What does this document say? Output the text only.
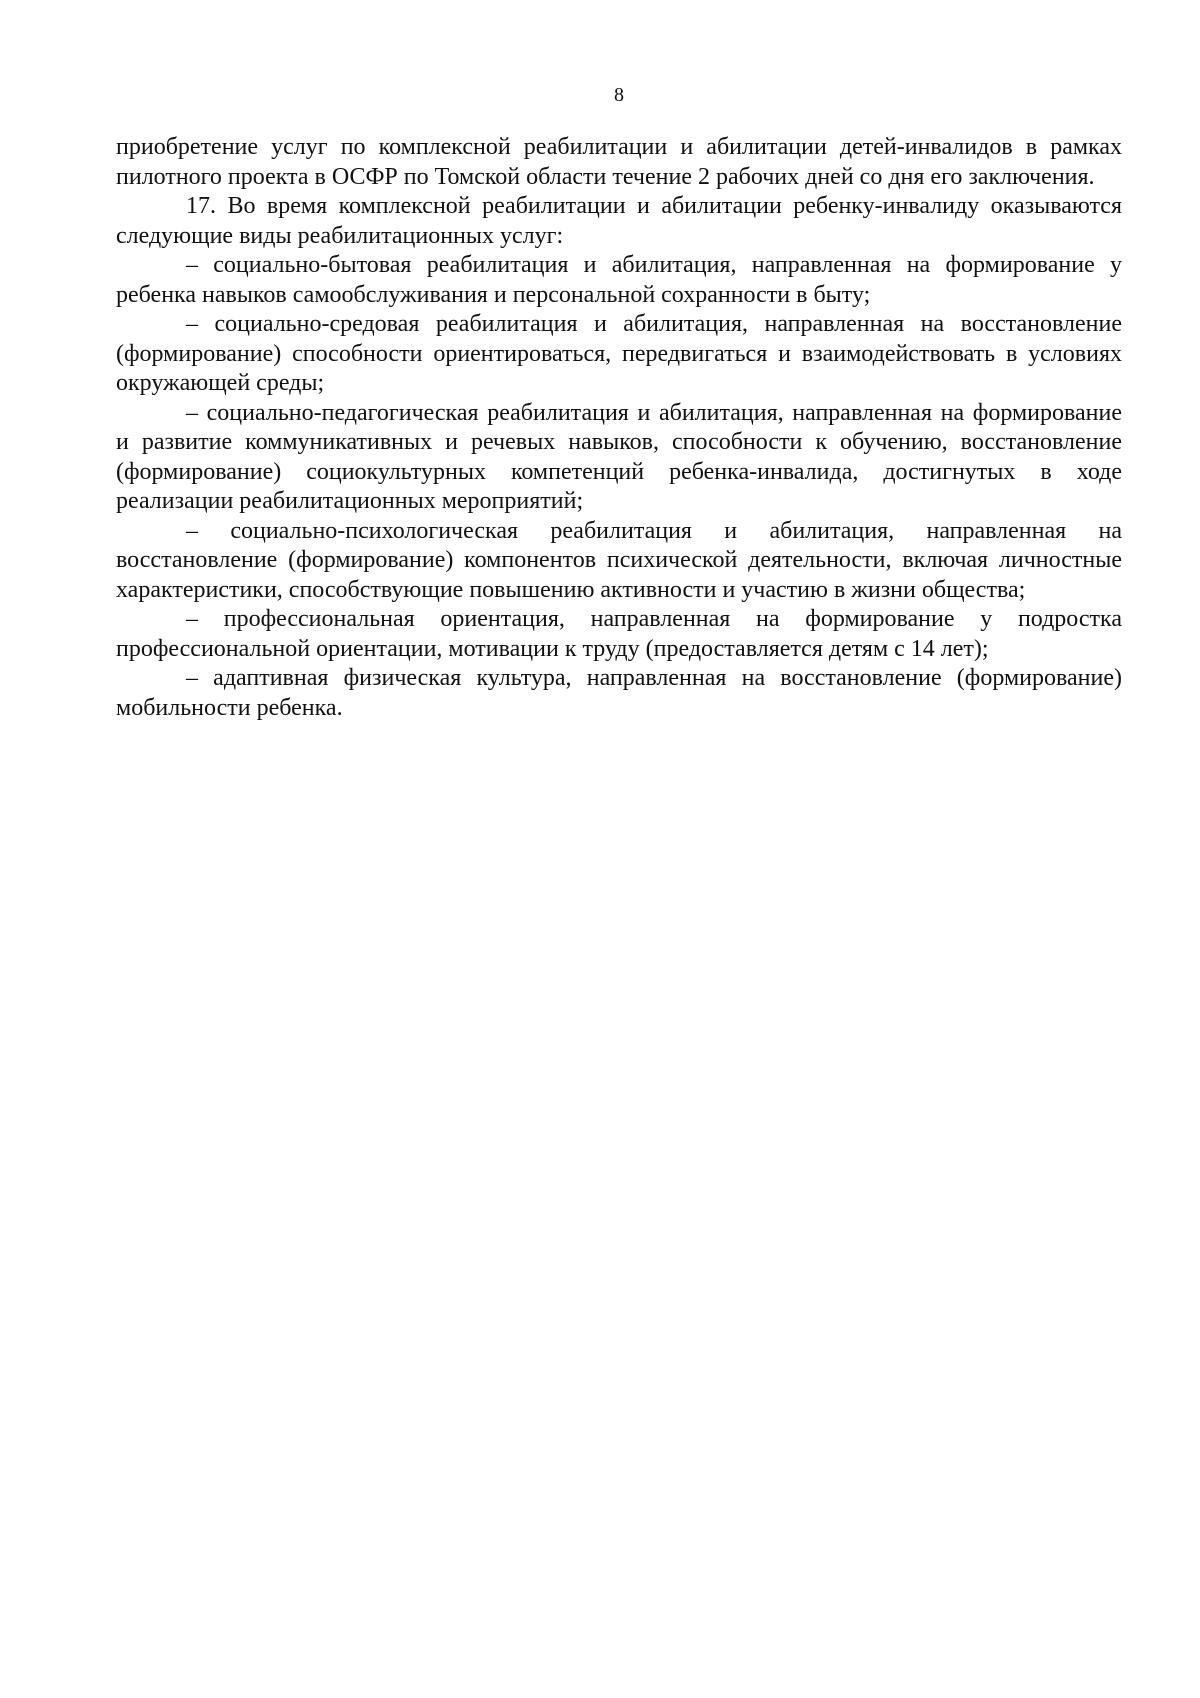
8

приобретение услуг по комплексной реабилитации и абилитации детей-инвалидов в рамках пилотного проекта в ОСФР по Томской области течение 2 рабочих дней со дня его заключения.

17. Во время комплексной реабилитации и абилитации ребенку-инвалиду оказываются следующие виды реабилитационных услуг:

– социально-бытовая реабилитация и абилитация, направленная на формирование у ребенка навыков самообслуживания и персональной сохранности в быту;

– социально-средовая реабилитация и абилитация, направленная на восстановление (формирование) способности ориентироваться, передвигаться и взаимодействовать в условиях окружающей среды;

– социально-педагогическая реабилитация и абилитация, направленная на формирование и развитие коммуникативных и речевых навыков, способности к обучению, восстановление (формирование) социокультурных компетенций ребенка-инвалида, достигнутых в ходе реализации реабилитационных мероприятий;

– социально-психологическая реабилитация и абилитация, направленная на восстановление (формирование) компонентов психической деятельности, включая личностные характеристики, способствующие повышению активности и участию в жизни общества;

– профессиональная ориентация, направленная на формирование у подростка профессиональной ориентации, мотивации к труду (предоставляется детям с 14 лет);

– адаптивная физическая культура, направленная на восстановление (формирование) мобильности ребенка.
